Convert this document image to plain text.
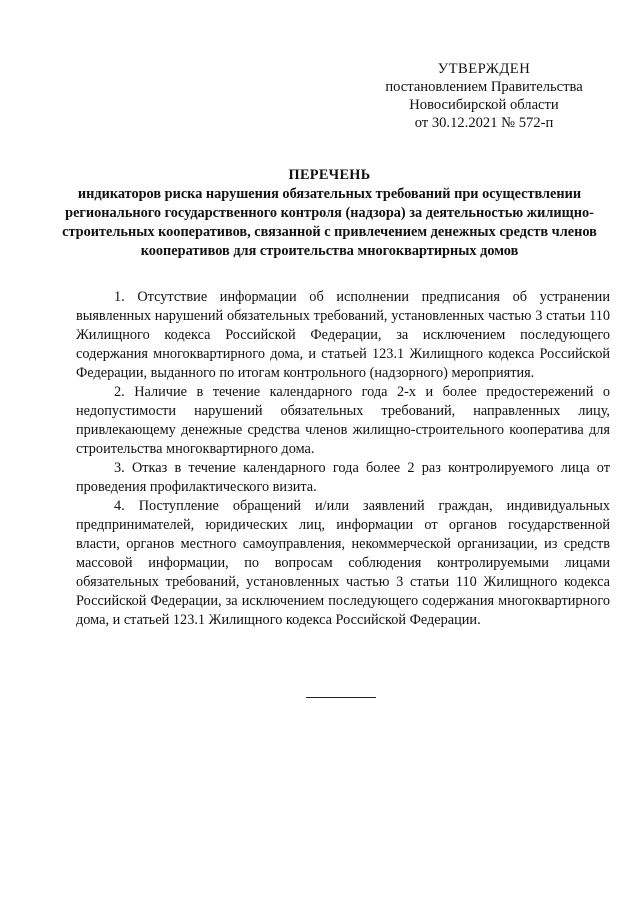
УТВЕРЖДЕН
постановлением Правительства
Новосибирской области
от 30.12.2021 № 572-п
ПЕРЕЧЕНЬ
индикаторов риска нарушения обязательных требований при осуществлении регионального государственного контроля (надзора) за деятельностью жилищно-строительных кооперативов, связанной с привлечением денежных средств членов кооперативов для строительства многоквартирных домов

1. Отсутствие информации об исполнении предписания об устранении выявленных нарушений обязательных требований, установленных частью 3 статьи 110 Жилищного кодекса Российской Федерации, за исключением последующего содержания многоквартирного дома, и статьей 123.1 Жилищного кодекса Российской Федерации, выданного по итогам контрольного (надзорного) мероприятия.

2. Наличие в течение календарного года 2-х и более предостережений о недопустимости нарушений обязательных требований, направленных лицу, привлекающему денежные средства членов жилищно-строительного кооператива для строительства многоквартирного дома.

3. Отказ в течение календарного года более 2 раз контролируемого лица от проведения профилактического визита.

4. Поступление обращений и/или заявлений граждан, индивидуальных предпринимателей, юридических лиц, информации от органов государственной власти, органов местного самоуправления, некоммерческой организации, из средств массовой информации, по вопросам соблюдения контролируемыми лицами обязательных требований, установленных частью 3 статьи 110 Жилищного кодекса Российской Федерации, за исключением последующего содержания многоквартирного дома, и статьей 123.1 Жилищного кодекса Российской Федерации.
